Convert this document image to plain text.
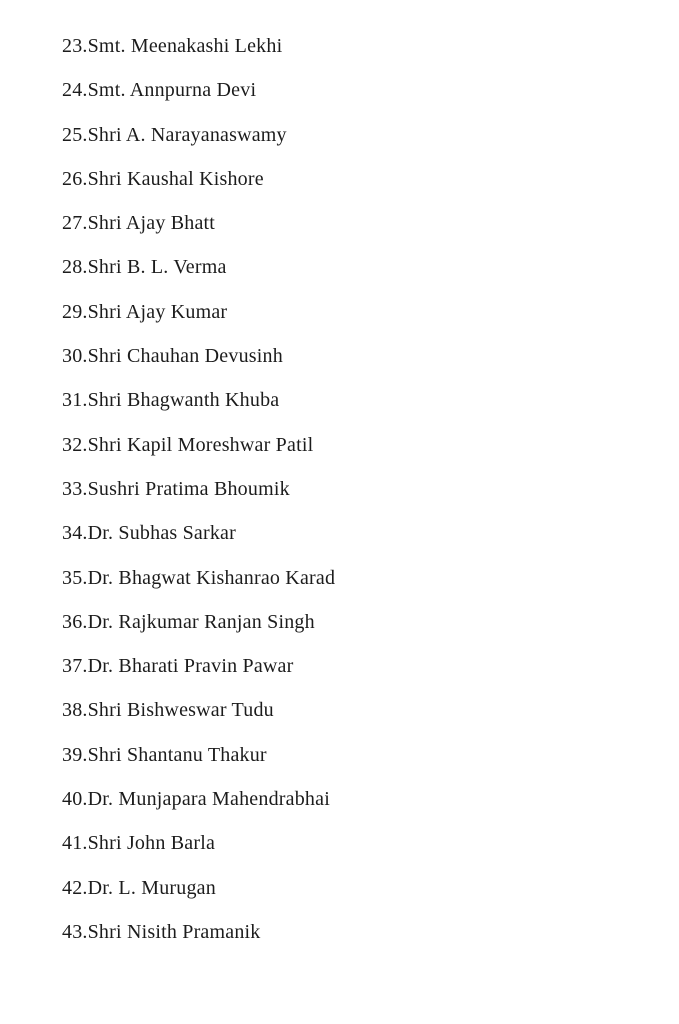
23.Smt. Meenakashi Lekhi
24.Smt. Annpurna Devi
25.Shri A. Narayanaswamy
26.Shri Kaushal Kishore
27.Shri Ajay Bhatt
28.Shri B. L. Verma
29.Shri Ajay Kumar
30.Shri Chauhan Devusinh
31.Shri Bhagwanth Khuba
32.Shri Kapil Moreshwar Patil
33.Sushri Pratima Bhoumik
34.Dr. Subhas Sarkar
35.Dr. Bhagwat Kishanrao Karad
36.Dr. Rajkumar Ranjan Singh
37.Dr. Bharati Pravin Pawar
38.Shri Bishweswar Tudu
39.Shri Shantanu Thakur
40.Dr. Munjapara Mahendrabhai
41.Shri John Barla
42.Dr. L. Murugan
43.Shri Nisith Pramanik
